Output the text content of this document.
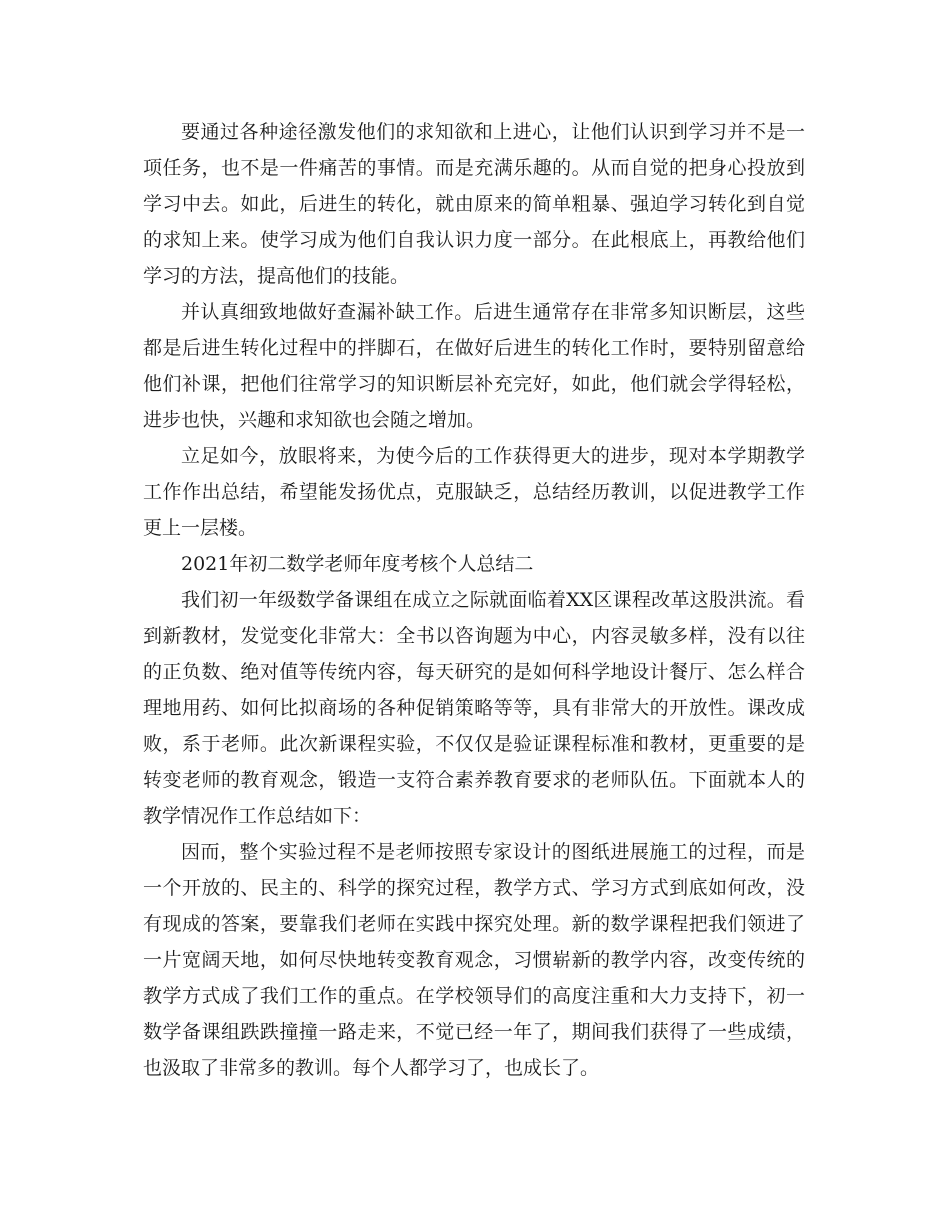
要通过各种途径激发他们的求知欲和上进心，让他们认识到学习并不是一项任务，也不是一件痛苦的事情。而是充满乐趣的。从而自觉的把身心投放到学习中去。如此，后进生的转化，就由原来的简单粗暴、强迫学习转化到自觉的求知上来。使学习成为他们自我认识力度一部分。在此根底上，再教给他们学习的方法，提高他们的技能。

并认真细致地做好查漏补缺工作。后进生通常存在非常多知识断层，这些都是后进生转化过程中的拌脚石，在做好后进生的转化工作时，要特别留意给他们补课，把他们往常学习的知识断层补充完好，如此，他们就会学得轻松，进步也快，兴趣和求知欲也会随之增加。

立足如今，放眼将来，为使今后的工作获得更大的进步，现对本学期教学工作作出总结，希望能发扬优点，克服缺乏，总结经历教训，以促进教学工作更上一层楼。

2021年初二数学老师年度考核个人总结二

我们初一年级数学备课组在成立之际就面临着XX区课程改革这股洪流。看到新教材，发觉变化非常大：全书以咨询题为中心，内容灵敏多样，没有以往的正负数、绝对值等传统内容，每天研究的是如何科学地设计餐厅、怎么样合理地用药、如何比拟商场的各种促销策略等等，具有非常大的开放性。课改成败，系于老师。此次新课程实验，不仅仅是验证课程标准和教材，更重要的是转变老师的教育观念，锻造一支符合素养教育要求的老师队伍。下面就本人的教学情况作工作总结如下：

因而，整个实验过程不是老师按照专家设计的图纸进展施工的过程，而是一个开放的、民主的、科学的探究过程，教学方式、学习方式到底如何改，没有现成的答案，要靠我们老师在实践中探究处理。新的数学课程把我们领进了一片宽阔天地，如何尽快地转变教育观念，习惯崭新的教学内容，改变传统的教学方式成了我们工作的重点。在学校领导们的高度注重和大力支持下，初一数学备课组跌跌撞撞一路走来，不觉已经一年了，期间我们获得了一些成绩，也汲取了非常多的教训。每个人都学习了，也成长了。
